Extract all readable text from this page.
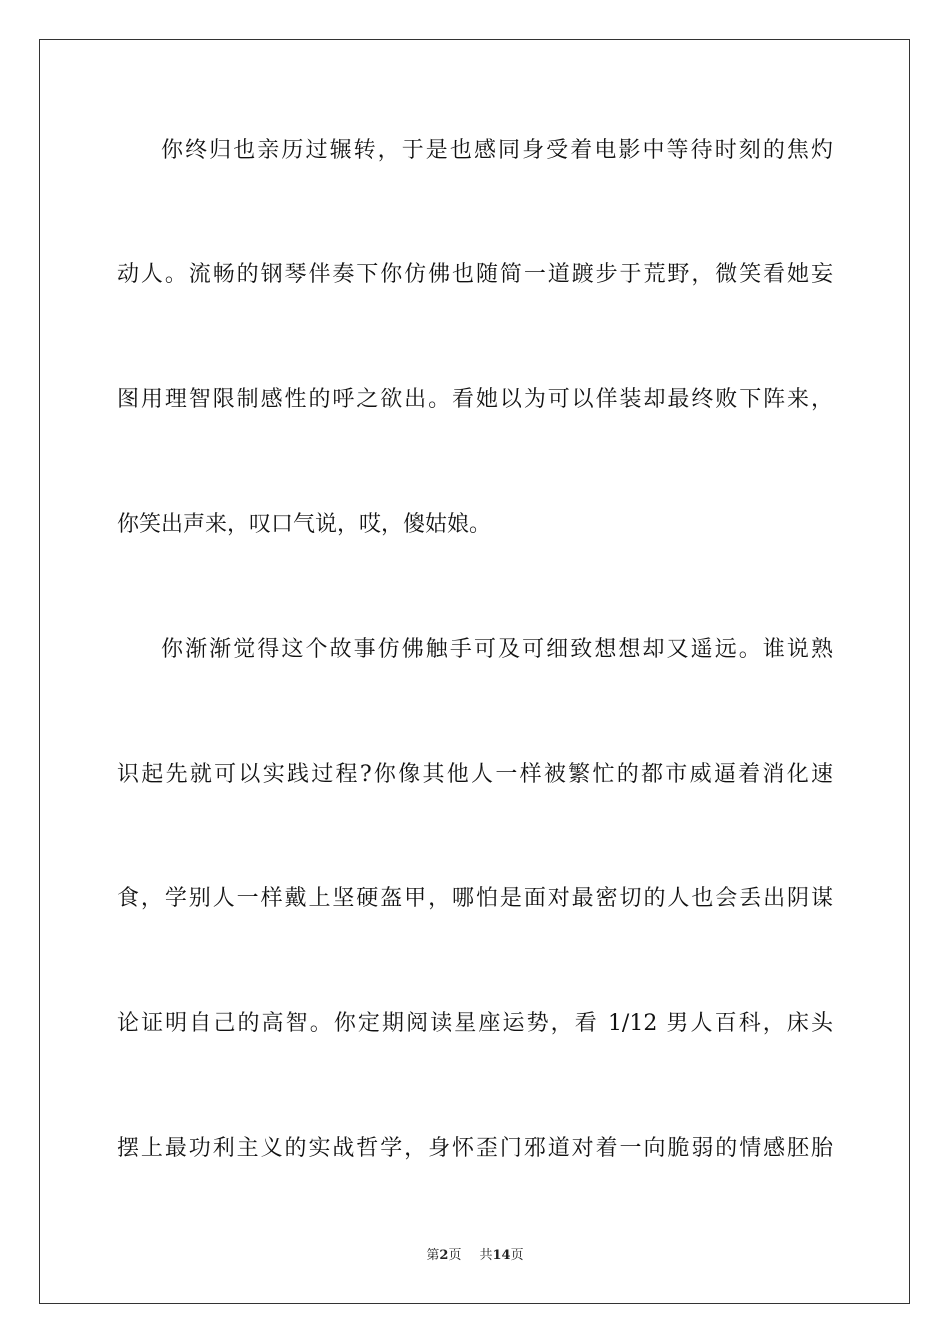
你终归也亲历过辗转，于是也感同身受着电影中等待时刻的焦灼
动人。流畅的钢琴伴奏下你仿佛也随简一道踱步于荒野，微笑看她妄
图用理智限制感性的呼之欲出。看她以为可以佯装却最终败下阵来，
你笑出声来，叹口气说，哎，傻姑娘。
你渐渐觉得这个故事仿佛触手可及可细致想想却又遥远。谁说熟
识起先就可以实践过程?你像其他人一样被繁忙的都市威逼着消化速
食，学别人一样戴上坚硬盔甲，哪怕是面对最密切的人也会丢出阴谋
论证明自己的高智。你定期阅读星座运势，看 1/12 男人百科，床头
摆上最功利主义的实战哲学，身怀歪门邪道对着一向脆弱的情感胚胎
第2页 共14页
